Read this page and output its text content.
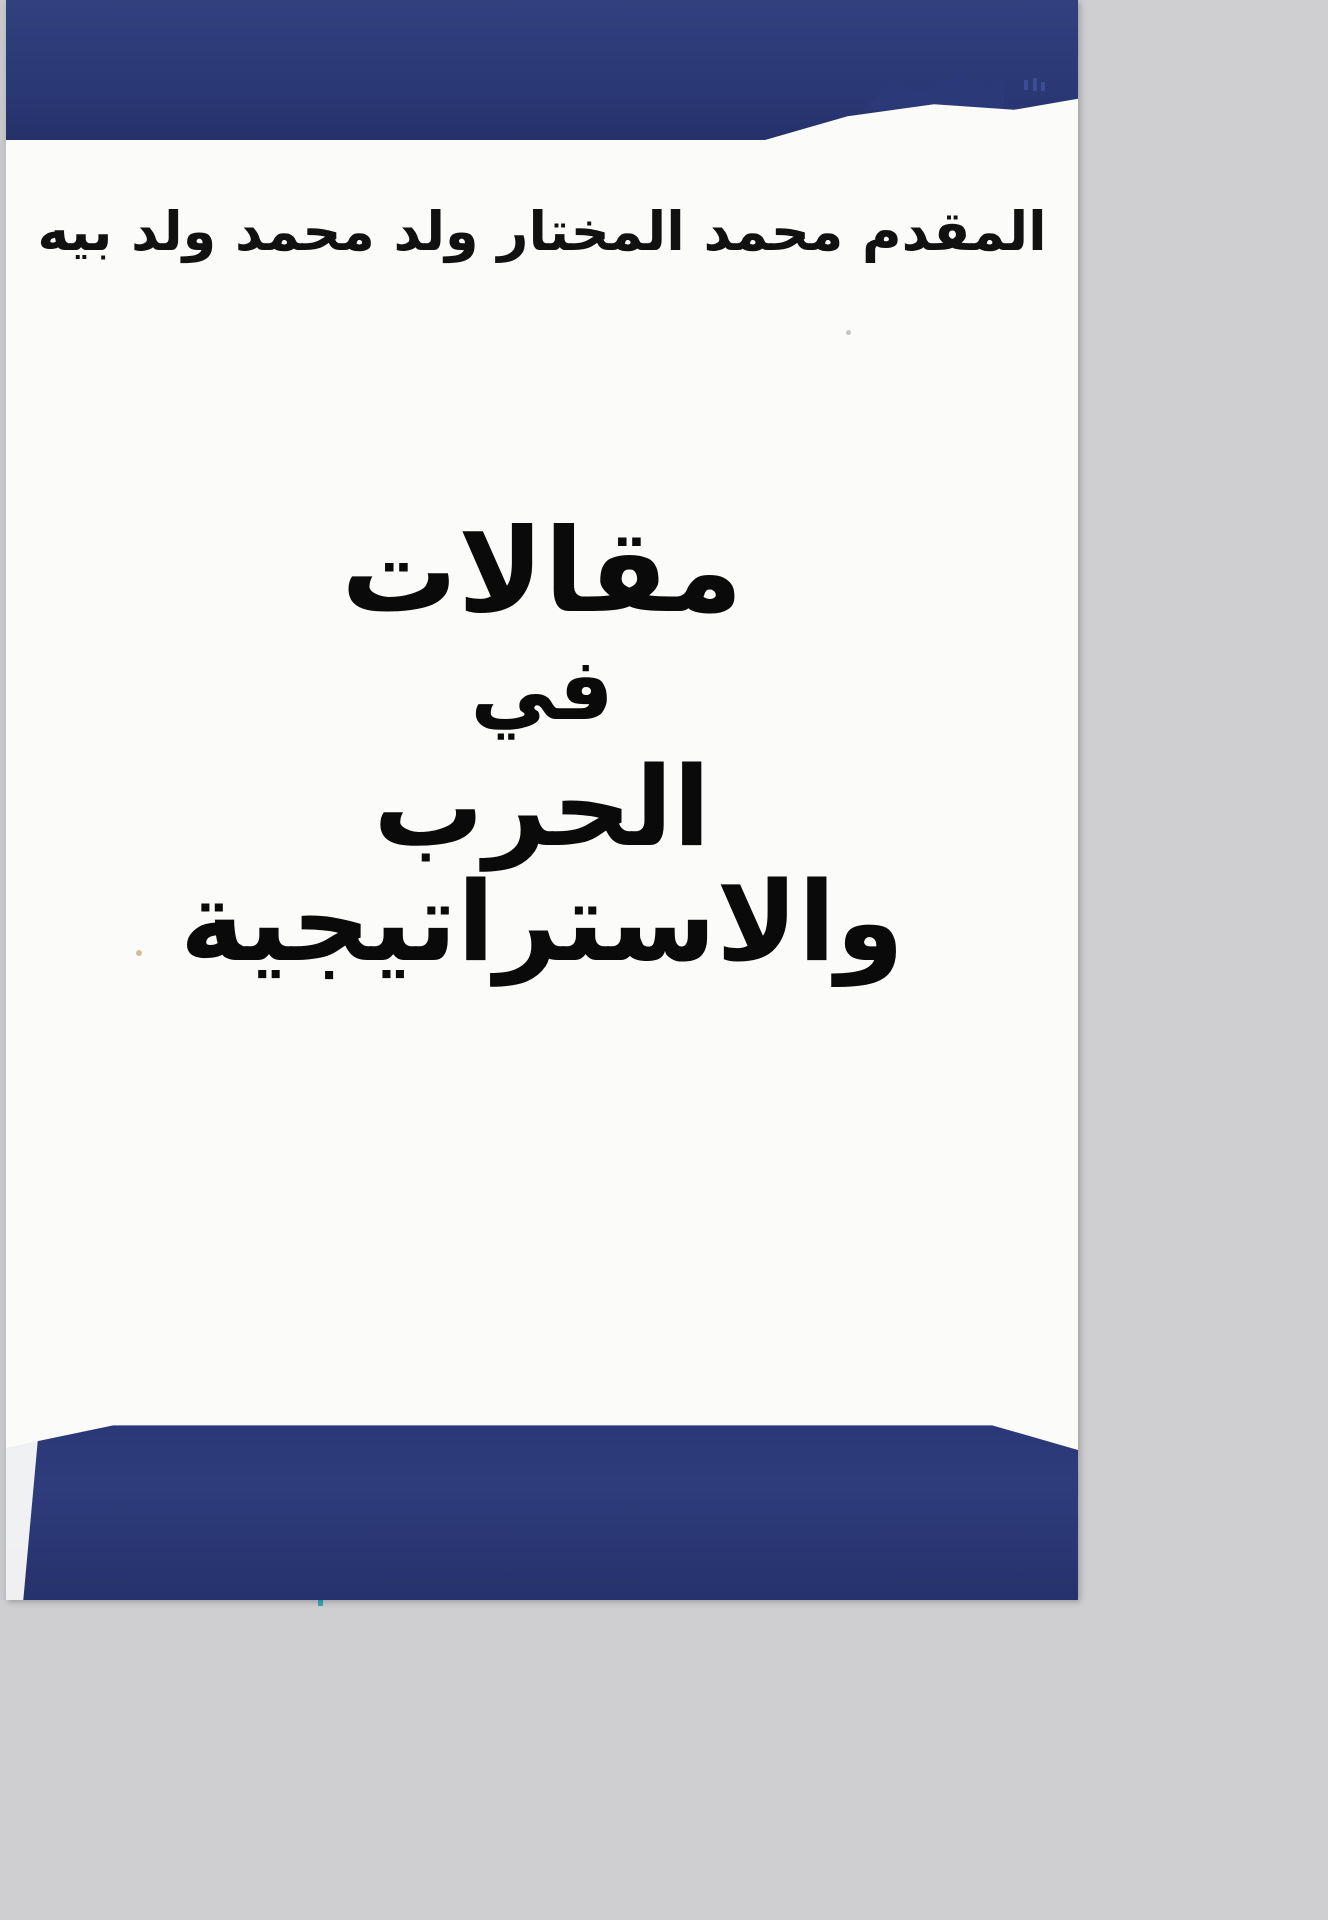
المقدم محمد المختار ولد محمد ولد بيه
مقالات
في
الحرب والاستراتيجية
